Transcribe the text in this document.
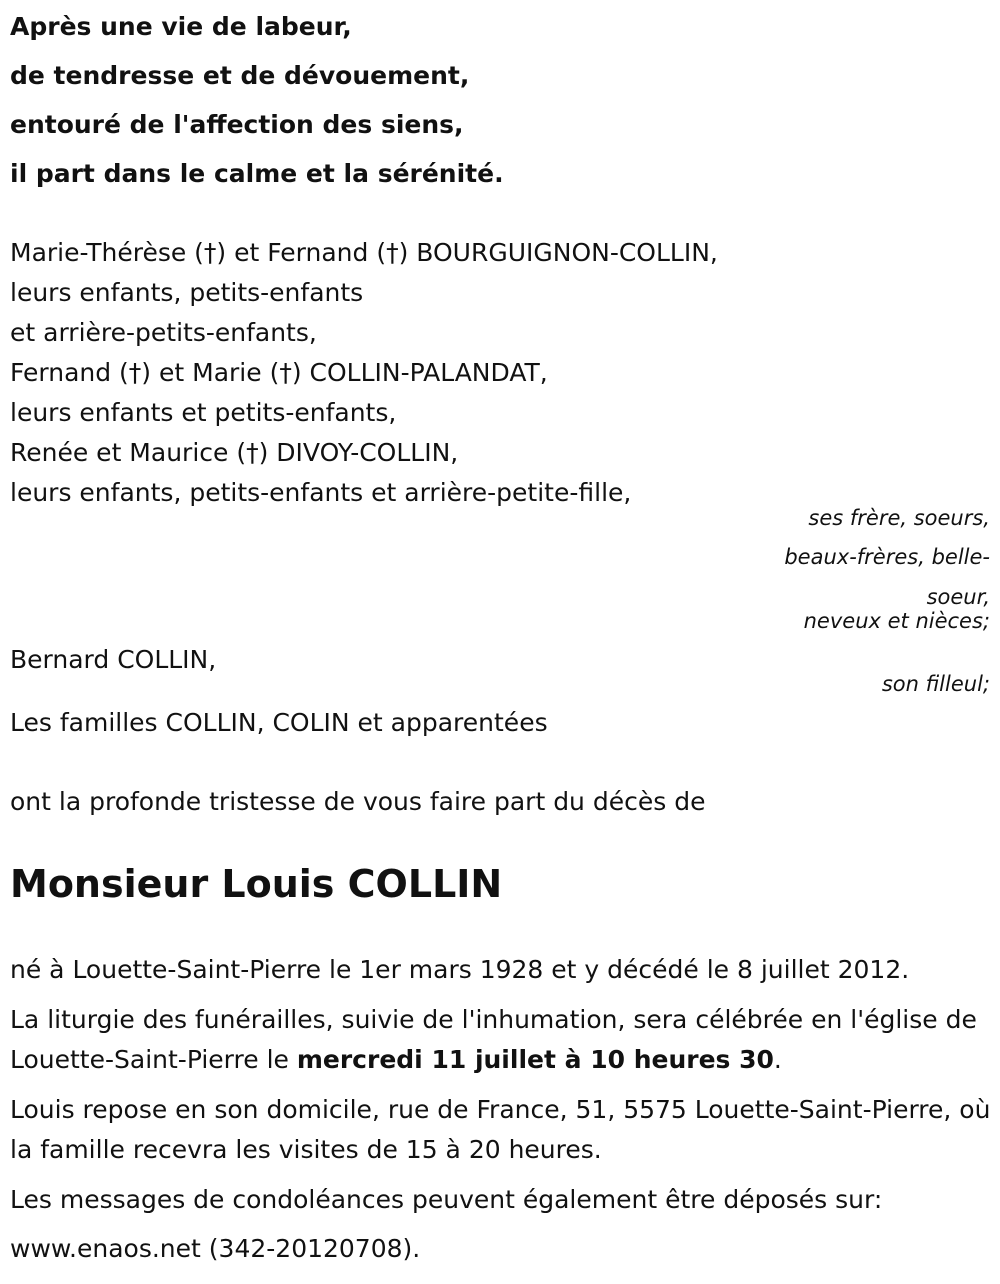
Après une vie de labeur,
de tendresse et de dévouement,
entouré de l'affection des siens,
il part dans le calme et la sérénité.
Marie-Thérèse (†) et Fernand (†) BOURGUIGNON-COLLIN,
leurs enfants, petits-enfants
et arrière-petits-enfants,
Fernand (†) et Marie (†) COLLIN-PALANDAT,
leurs enfants et petits-enfants,
Renée et Maurice (†) DIVOY-COLLIN,
leurs enfants, petits-enfants et arrière-petite-fille,
ses frère, soeurs,
beaux-frères, belle-soeur,
neveux et nièces;
Bernard COLLIN,
son filleul;
Les familles COLLIN, COLIN et apparentées
ont la profonde tristesse de vous faire part du décès de
Monsieur Louis COLLIN
né à Louette-Saint-Pierre le 1er mars 1928 et y décédé le 8 juillet 2012.
La liturgie des funérailles, suivie de l'inhumation, sera célébrée en l'église de Louette-Saint-Pierre le mercredi 11 juillet à 10 heures 30.
Louis repose en son domicile, rue de France, 51, 5575 Louette-Saint-Pierre, où la famille recevra les visites de 15 à 20 heures.
Les messages de condoléances peuvent également être déposés sur:
www.enaos.net (342-20120708).
